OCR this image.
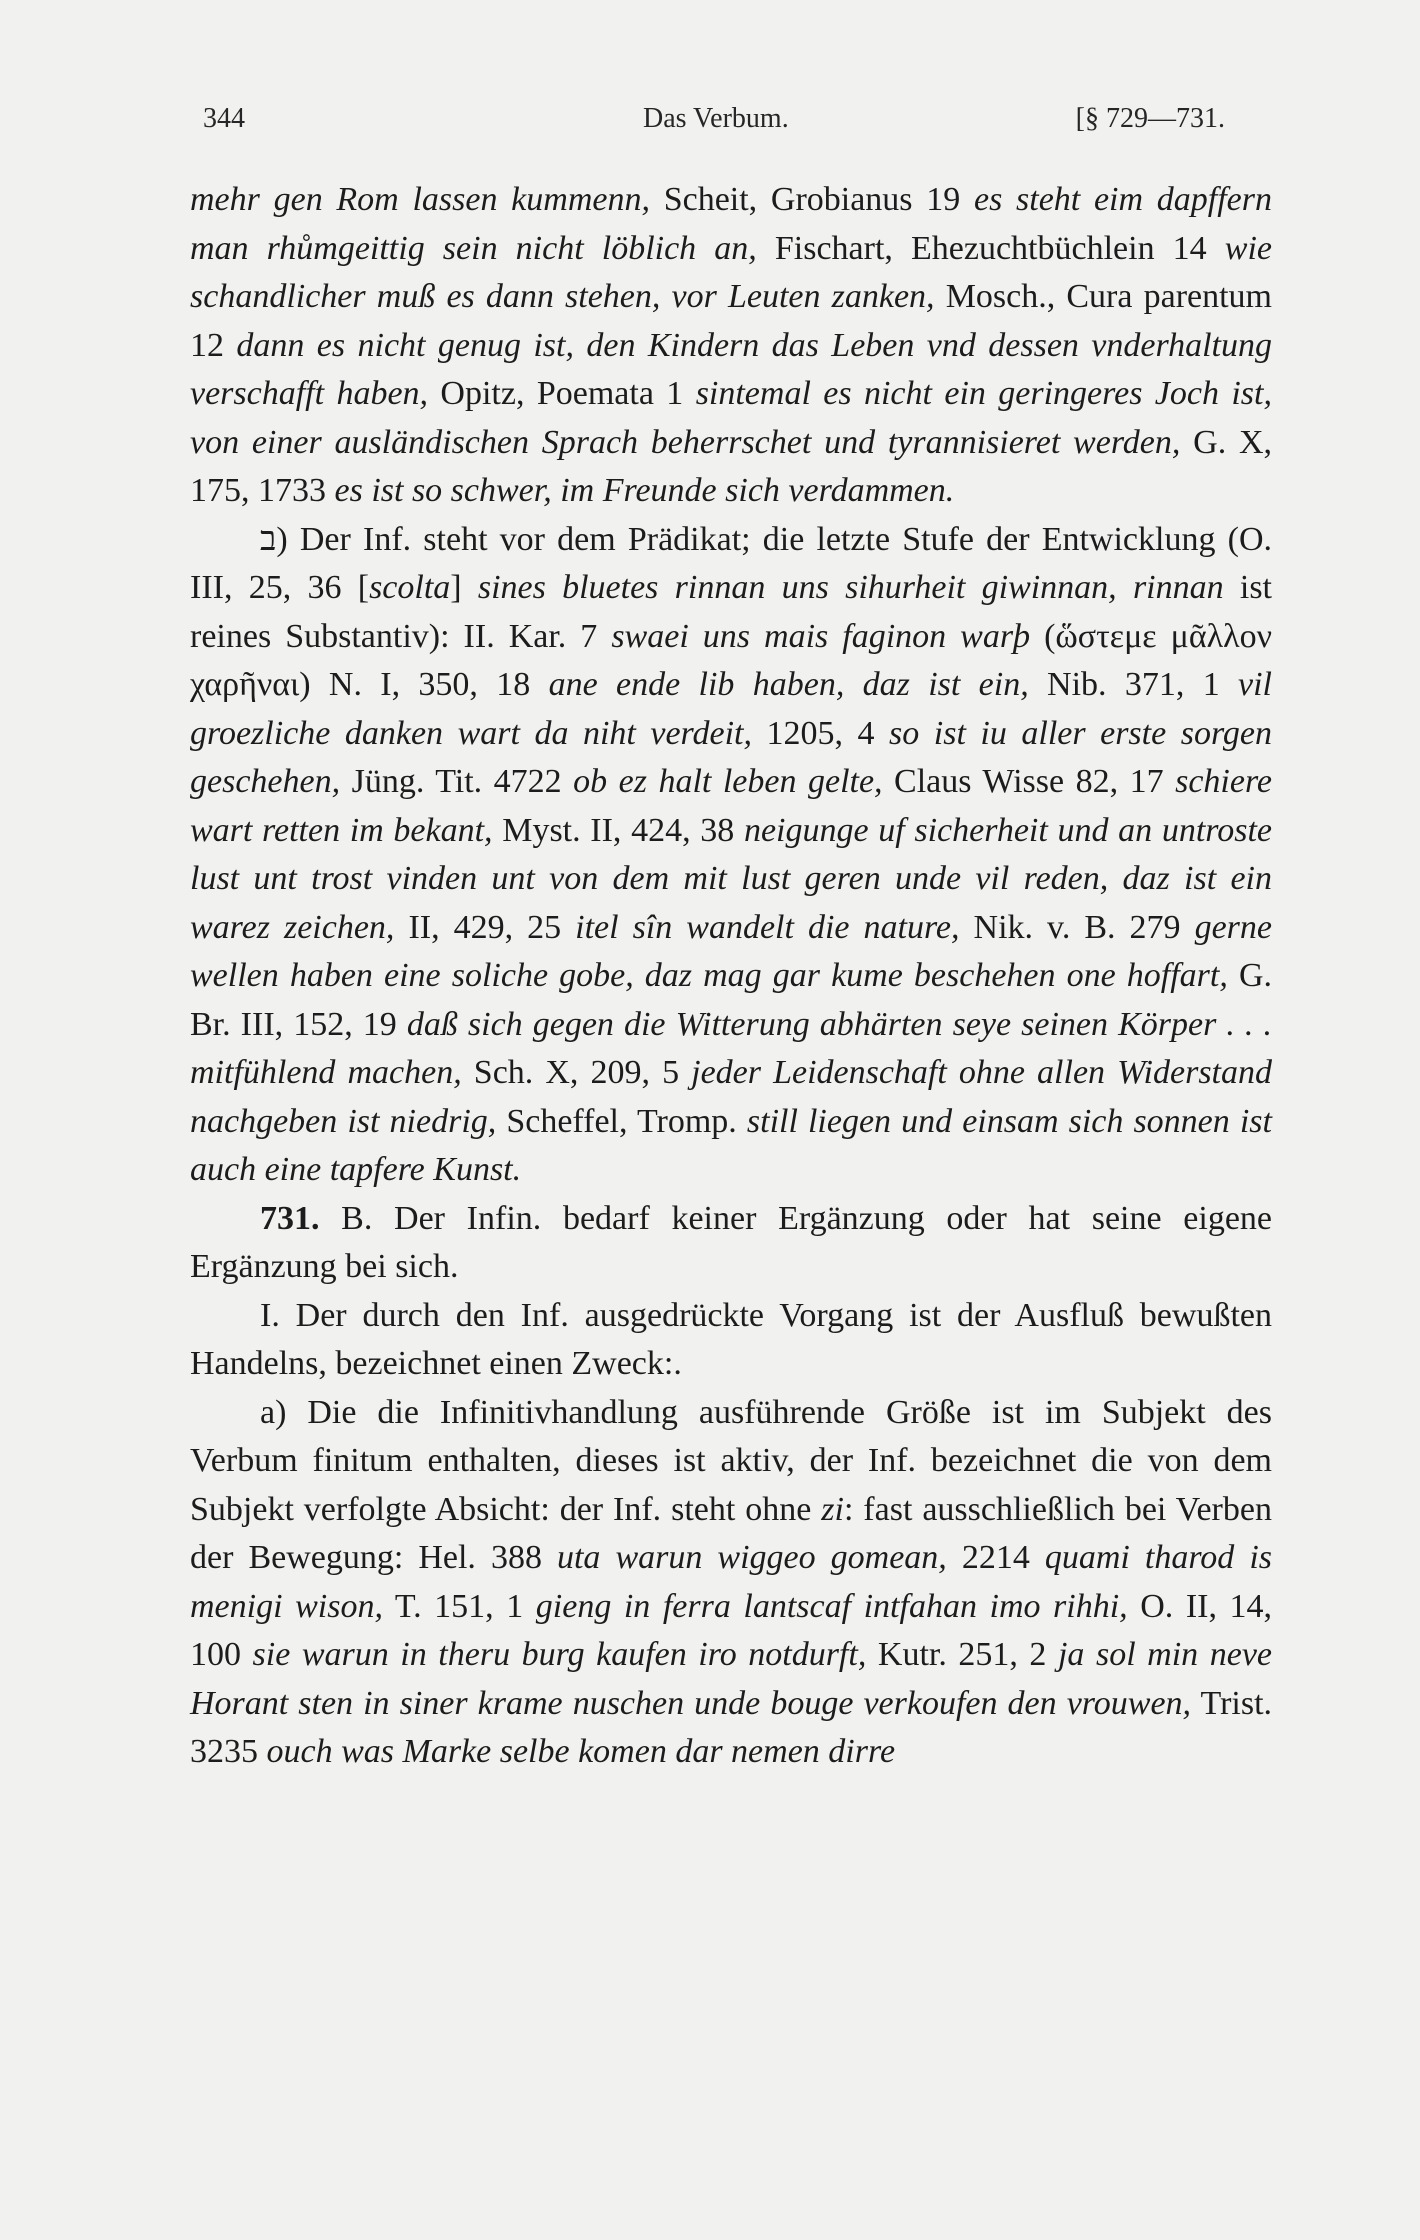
344	Das Verbum.	[§ 729—731.

mehr gen Rom lassen kummenn, Scheit, Grobianus 19 es steht eim dapffern man rhůmgeittig sein nicht löblich an, Fischart, Ehezuchtbüchlein 14 wie schandlicher muß es dann stehen, vor Leuten zanken, Mosch., Cura parentum 12 dann es nicht genug ist, den Kindern das Leben vnd dessen vnderhaltung verschafft haben, Opitz, Poemata 1 sintemal es nicht ein geringeres Joch ist, von einer ausländischen Sprach beherrschet und tyrannisieret werden, G. X, 175, 1733 es ist so schwer, im Freunde sich verdammen.

ב) Der Inf. steht vor dem Prädikat; die letzte Stufe der Entwicklung (O. III, 25, 36 [scolta] sines bluetes rinnan uns sihurheit giwinnan, rinnan ist reines Substantiv): II. Kar. 7 swaei uns mais faginon warþ (ὥστεμε μᾶλλον χαρῆναι) N. I, 350, 18 ane ende lib haben, daz ist ein, Nib. 371, 1 vil groezliche danken wart da niht verdeit, 1205, 4 so ist iu aller erste sorgen geschehen, Jüng. Tit. 4722 ob ez halt leben gelte, Claus Wisse 82, 17 schiere wart retten im bekant, Myst. II, 424, 38 neigunge uf sicherheit und an untroste lust unt trost vinden unt von dem mit lust geren unde vil reden, daz ist ein warez zeichen, II, 429, 25 itel sîn wandelt die nature, Nik. v. B. 279 gerne wellen haben eine soliche gobe, daz mag gar kume beschehen one hoffart, G. Br. III, 152, 19 daß sich gegen die Witterung abhärten seye seinen Körper . . . mitfühlend machen, Sch. X, 209, 5 jeder Leidenschaft ohne allen Widerstand nachgeben ist niedrig, Scheffel, Tromp. still liegen und einsam sich sonnen ist auch eine tapfere Kunst.

731. B. Der Infin. bedarf keiner Ergänzung oder hat seine eigene Ergänzung bei sich.

I. Der durch den Inf. ausgedrückte Vorgang ist der Ausfluß bewußten Handelns, bezeichnet einen Zweck:.

a) Die die Infinitivhandlung ausführende Größe ist im Subjekt des Verbum finitum enthalten, dieses ist aktiv, der Inf. bezeichnet die von dem Subjekt verfolgte Absicht: der Inf. steht ohne zi: fast ausschließlich bei Verben der Bewegung: Hel. 388 uta warun wiggeo gomean, 2214 quami tharod is menigi wison, T. 151, 1 gieng in ferra lantscaf intfahan imo rihhi, O. II, 14, 100 sie warun in theru burg kaufen iro notdurft, Kutr. 251, 2 ja sol min neve Horant sten in siner krame nuschen unde bouge verkoufen den vrouwen, Trist. 3235 ouch was Marke selbe komen dar nemen dirre
